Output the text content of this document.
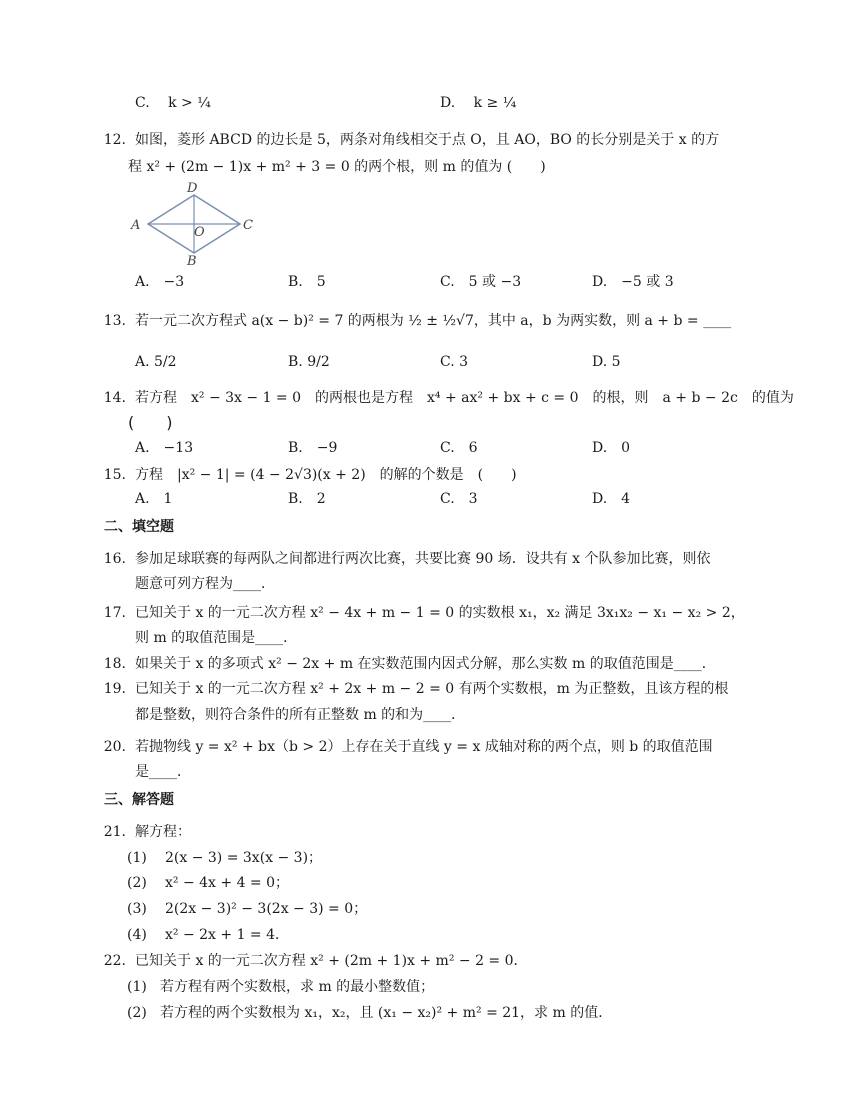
C.　 k > ¼	D.　 k ≥ ¼
12. 如图，菱形 ABCD 的边长是 5，两条对角线相交于点 O，且 AO，BO 的长分别是关于 x 的方
程 x² + (2m − 1)x + m² + 3 = 0 的两个根，则 m 的值为 (　　)
A	C
D
B
O
A.　−3	B.　5	C.　5 或 −3	D.　−5 或 3
13. 若一元二次方程式 a(x − b)² = 7 的两根为 ½ ± ½√7，其中 a，b 为两实数，则 a + b = ____
A. 5/2	B. 9/2	C. 3	D. 5
14. 若方程　x² − 3x − 1 = 0　的两根也是方程　x⁴ + ax² + bx + c = 0　的根，则　a + b − 2c　的值为
(　　)
A.　−13	B.　−9	C.　6	D.　0
15. 方程　|x² − 1| = (4 − 2√3)(x + 2)　的解的个数是　(　　)
A.　1	B.　2	C.　3	D.　4
二、填空题
16. 参加足球联赛的每两队之间都进行两次比赛，共要比赛 90 场．设共有 x 个队参加比赛，则依
题意可列方程为____．
17. 已知关于 x 的一元二次方程 x² − 4x + m − 1 = 0 的实数根 x₁，x₂ 满足 3x₁x₂ − x₁ − x₂ > 2，
则 m 的取值范围是____．
18. 如果关于 x 的多项式 x² − 2x + m 在实数范围内因式分解，那么实数 m 的取值范围是____．
19. 已知关于 x 的一元二次方程 x² + 2x + m − 2 = 0 有两个实数根，m 为正整数，且该方程的根
都是整数，则符合条件的所有正整数 m 的和为____．
20. 若抛物线 y = x² + bx（b > 2）上存在关于直线 y = x 成轴对称的两个点，则 b 的取值范围
是____．
三、解答题
21. 解方程：
(1) 2(x − 3) = 3x(x − 3)；
(2) x² − 4x + 4 = 0；
(3) 2(2x − 3)² − 3(2x − 3) = 0；
(4) x² − 2x + 1 = 4．
22. 已知关于 x 的一元二次方程 x² + (2m + 1)x + m² − 2 = 0．
(1) 若方程有两个实数根，求 m 的最小整数值；
(2) 若方程的两个实数根为 x₁，x₂，且 (x₁ − x₂)² + m² = 21，求 m 的值．
